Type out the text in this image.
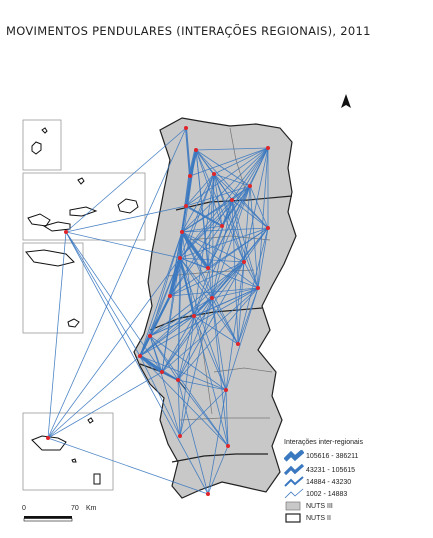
MOVIMENTOS PENDULARES (INTERAÇÕES REGIONAIS), 2011
0	70 Km
Interações inter-regionais
105616 - 386211
43231 - 105615
14884 - 43230
1002 - 14883
NUTS III
NUTS II
